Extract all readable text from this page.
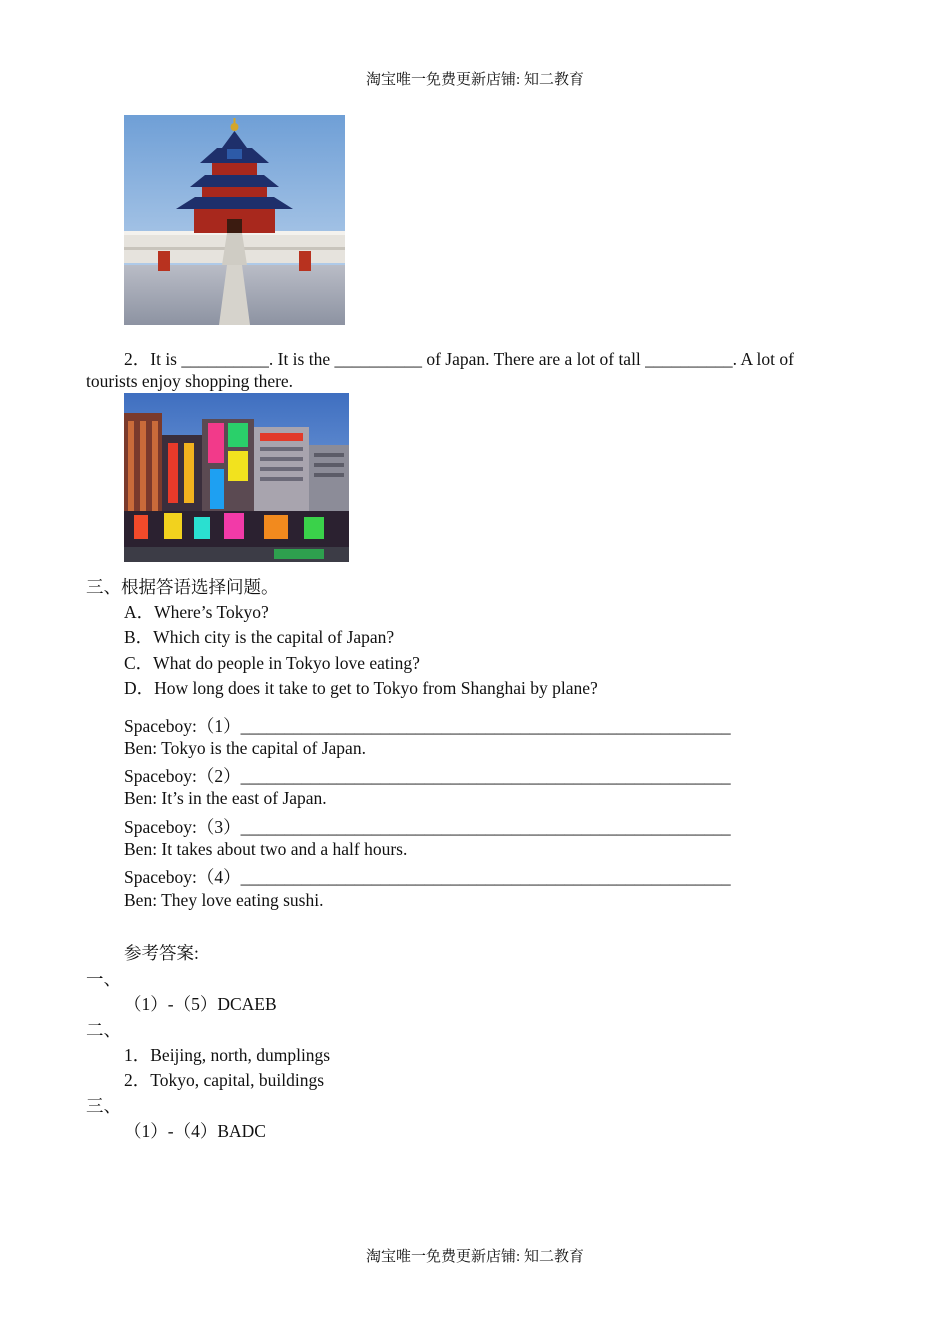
淘宝唯一免费更新店铺: 知二教育
2．It is __________. It is the __________ of Japan. There are a lot of tall __________. A lot of
tourists enjoy shopping there.
三、根据答语选择问题。
A．Where’s Tokyo?
B．Which city is the capital of Japan?
C．What do people in Tokyo love eating?
D．How long does it take to get to Tokyo from Shanghai by plane?
Spaceboy:（1）________________________________________________________
Ben: Tokyo is the capital of Japan.
Spaceboy:（2）________________________________________________________
Ben: It’s in the east of Japan.
Spaceboy:（3）________________________________________________________
Ben: It takes about two and a half hours.
Spaceboy:（4）________________________________________________________
Ben: They love eating sushi.
参考答案:
一、
（1）-（5）DCAEB
二、
1．Beijing, north, dumplings
2．Tokyo, capital, buildings
三、
（1）-（4）BADC
淘宝唯一免费更新店铺: 知二教育
